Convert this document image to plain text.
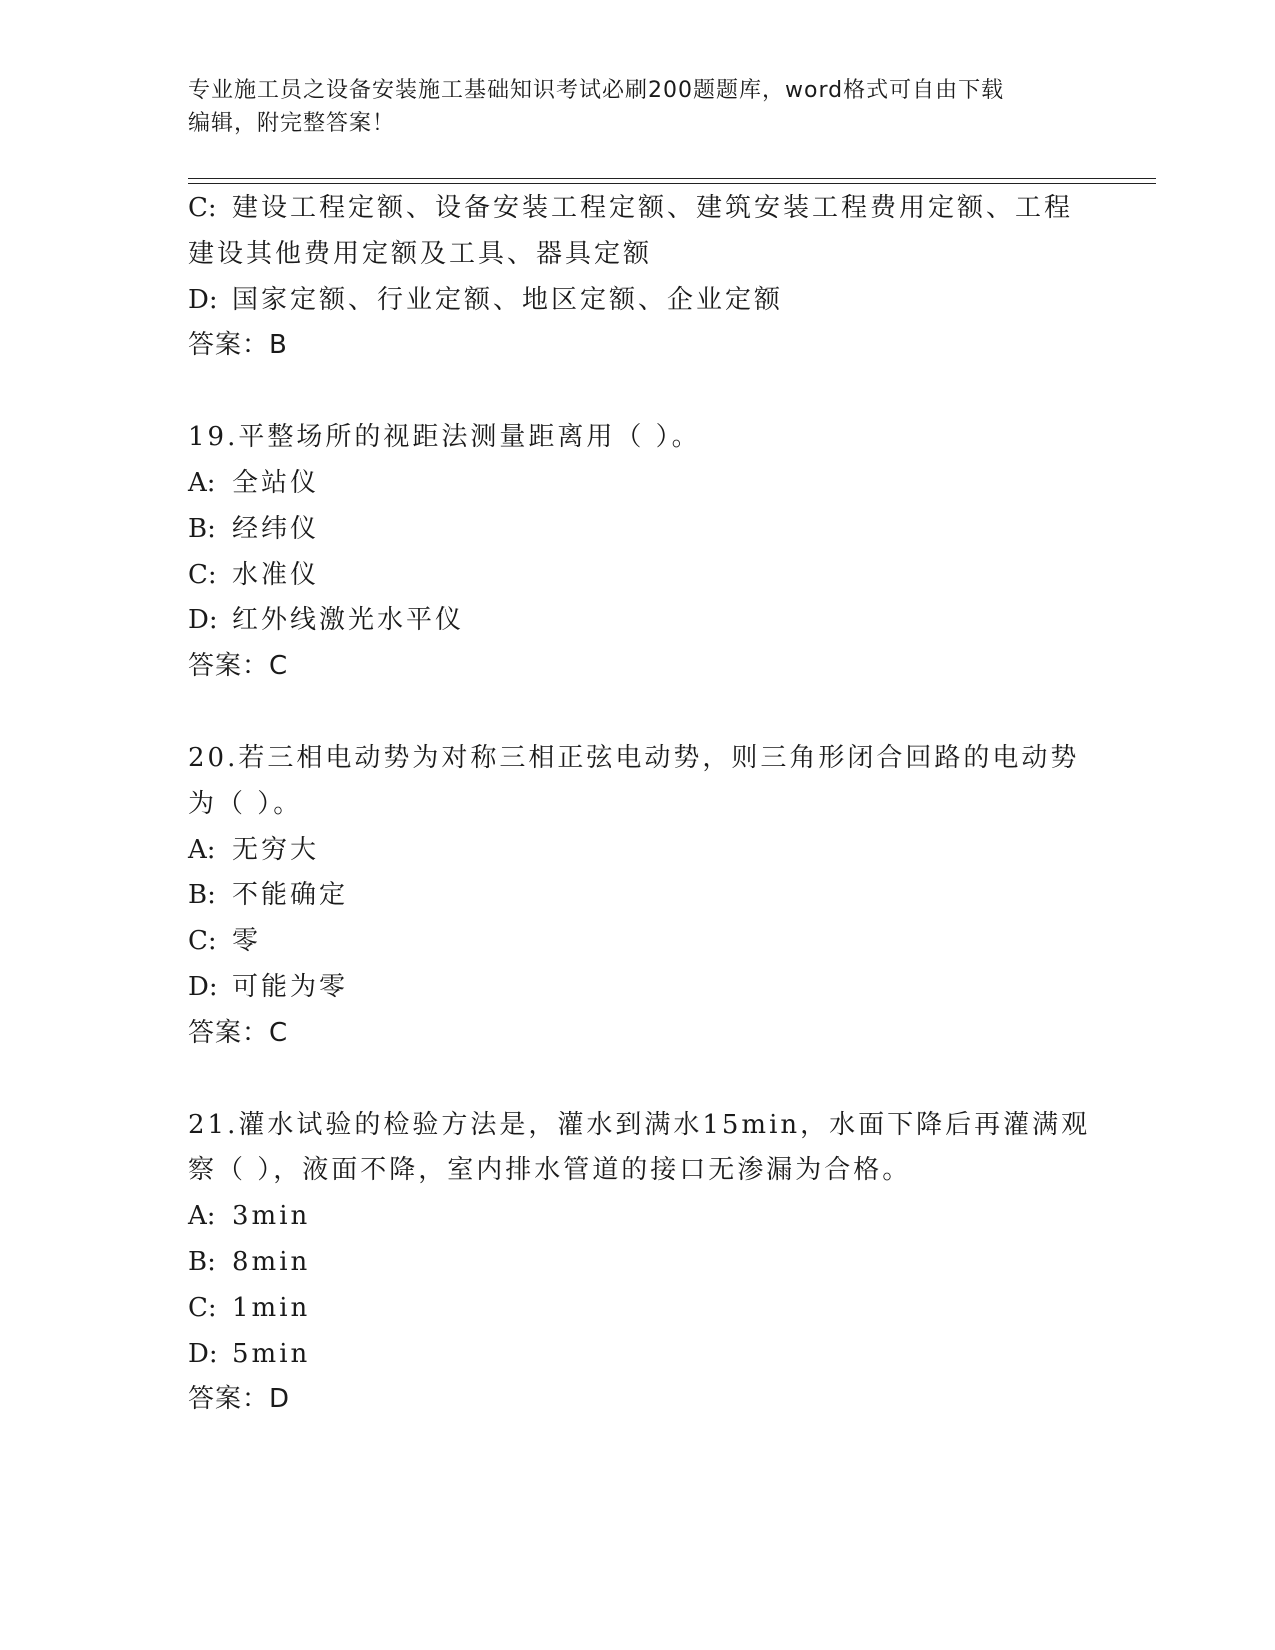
专业施工员之设备安装施工基础知识考试必刷200题题库，word格式可自由下载
编辑，附完整答案！
C: 建设工程定额、设备安装工程定额、建筑安装工程费用定额、工程
建设其他费用定额及工具、器具定额
D: 国家定额、行业定额、地区定额、企业定额
答案：B
19.平整场所的视距法测量距离用（ ）。
A: 全站仪
B: 经纬仪
C: 水准仪
D: 红外线激光水平仪
答案：C
20.若三相电动势为对称三相正弦电动势，则三角形闭合回路的电动势
为（ ）。
A: 无穷大
B: 不能确定
C: 零
D: 可能为零
答案：C
21.灌水试验的检验方法是，灌水到满水15min，水面下降后再灌满观
察（ ），液面不降，室内排水管道的接口无渗漏为合格。
A: 3min
B: 8min
C: 1min
D: 5min
答案：D
